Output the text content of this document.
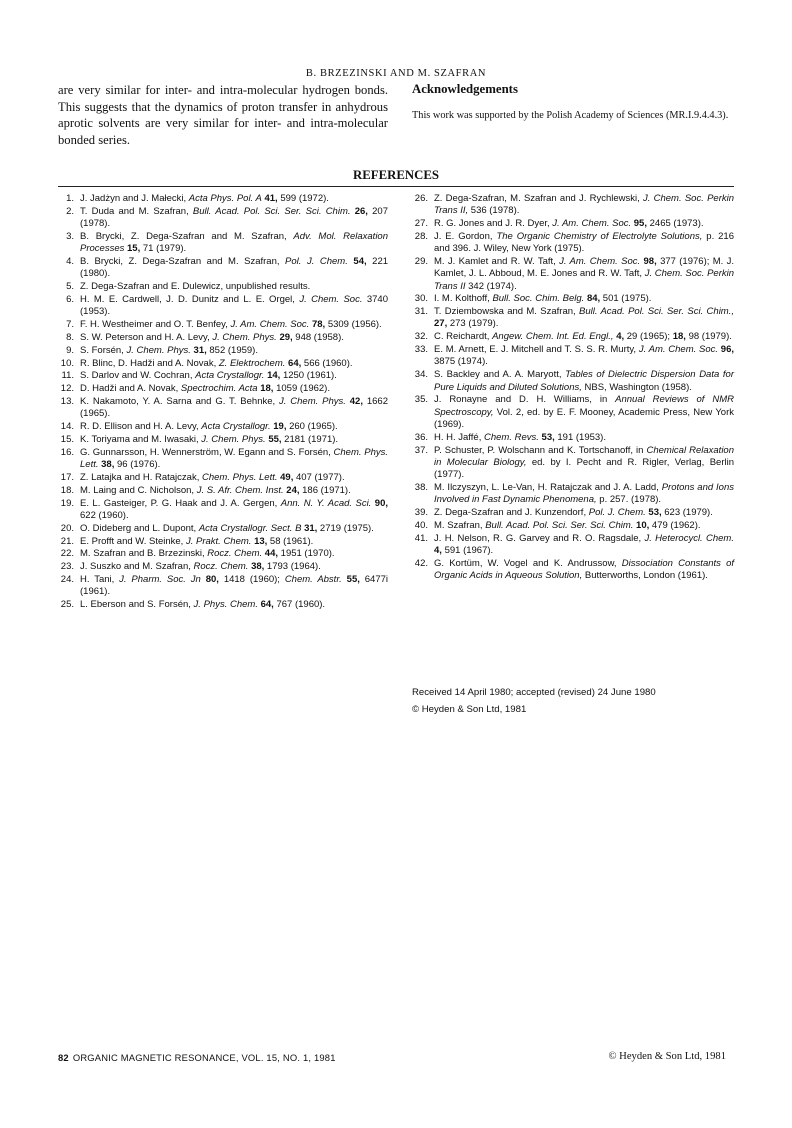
B. BRZEZINSKI AND M. SZAFRAN
are very similar for inter- and intra-molecular hydrogen bonds. This suggests that the dynamics of proton transfer in anhydrous aprotic solvents are very similar for inter- and intra-molecular bonded series.
Acknowledgements

This work was supported by the Polish Academy of Sciences (MR.I.9.4.4.3).

REFERENCES
1. J. Jadżyn and J. Małecki, Acta Phys. Pol. A 41, 599 (1972).
2. T. Duda and M. Szafran, Bull. Acad. Pol. Sci. Ser. Sci. Chim. 26, 207 (1978).
3. B. Brycki, Z. Dega-Szafran and M. Szafran, Adv. Mol. Relaxation Processes 15, 71 (1979).
4. B. Brycki, Z. Dega-Szafran and M. Szafran, Pol. J. Chem. 54, 221 (1980).
5. Z. Dega-Szafran and E. Dulewicz, unpublished results.
6. H. M. E. Cardwell, J. D. Dunitz and L. E. Orgel, J. Chem. Soc. 3740 (1953).
7. F. H. Westheimer and O. T. Benfey, J. Am. Chem. Soc. 78, 5309 (1956).
8. S. W. Peterson and H. A. Levy, J. Chem. Phys. 29, 948 (1958).
9. S. Forsén, J. Chem. Phys. 31, 852 (1959).
10. R. Blinc, D. Hadži and A. Novak, Z. Elektrochem. 64, 566 (1960).
11. S. Darlov and W. Cochran, Acta Crystallogr. 14, 1250 (1961).
12. D. Hadži and A. Novak, Spectrochim. Acta 18, 1059 (1962).
13. K. Nakamoto, Y. A. Sarna and G. T. Behnke, J. Chem. Phys. 42, 1662 (1965).
14. R. D. Ellison and H. A. Levy, Acta Crystallogr. 19, 260 (1965).
15. K. Toriyama and M. Iwasaki, J. Chem. Phys. 55, 2181 (1971).
16. G. Gunnarsson, H. Wennerström, W. Egann and S. Forsén, Chem. Phys. Lett. 38, 96 (1976).
17. Z. Latajka and H. Ratajczak, Chem. Phys. Lett. 49, 407 (1977).
18. M. Laing and C. Nicholson, J. S. Afr. Chem. Inst. 24, 186 (1971).
19. E. L. Gasteiger, P. G. Haak and J. A. Gergen, Ann. N. Y. Acad. Sci. 90, 622 (1960).
20. O. Dideberg and L. Dupont, Acta Crystallogr. Sect. B 31, 2719 (1975).
21. E. Profft and W. Steinke, J. Prakt. Chem. 13, 58 (1961).
22. M. Szafran and B. Brzezinski, Rocz. Chem. 44, 1951 (1970).
23. J. Suszko and M. Szafran, Rocz. Chem. 38, 1793 (1964).
24. H. Tani, J. Pharm. Soc. Jn 80, 1418 (1960); Chem. Abstr. 55, 6477i (1961).
25. L. Eberson and S. Forsén, J. Phys. Chem. 64, 767 (1960).
26. Z. Dega-Szafran, M. Szafran and J. Rychlewski, J. Chem. Soc. Perkin Trans II, 536 (1978).
27. R. G. Jones and J. R. Dyer, J. Am. Chem. Soc. 95, 2465 (1973).
28. J. E. Gordon, The Organic Chemistry of Electrolyte Solutions, p. 216 and 396. J. Wiley, New York (1975).
29. M. J. Kamlet and R. W. Taft, J. Am. Chem. Soc. 98, 377 (1976); M. J. Kamlet, J. L. Abboud, M. E. Jones and R. W. Taft, J. Chem. Soc. Perkin Trans II 342 (1974).
30. I. M. Kolthoff, Bull. Soc. Chim. Belg. 84, 501 (1975).
31. T. Dziembowska and M. Szafran, Bull. Acad. Pol. Sci. Ser. Sci. Chim., 27, 273 (1979).
32. C. Reichardt, Angew. Chem. Int. Ed. Engl., 4, 29 (1965); 18, 98 (1979).
33. E. M. Arnett, E. J. Mitchell and T. S. S. R. Murty, J. Am. Chem. Soc. 96, 3875 (1974).
34. S. Backley and A. A. Maryott, Tables of Dielectric Dispersion Data for Pure Liquids and Diluted Solutions, NBS, Washington (1958).
35. J. Ronayne and D. H. Williams, in Annual Reviews of NMR Spectroscopy, Vol. 2, ed. by E. F. Mooney, Academic Press, New York (1969).
36. H. H. Jaffé, Chem. Revs. 53, 191 (1953).
37. P. Schuster, P. Wolschann and K. Tortschanoff, in Chemical Relaxation in Molecular Biology, ed. by I. Pecht and R. Rigler, Verlag, Berlin (1977).
38. M. Ilczyszyn, L. Le-Van, H. Ratajczak and J. A. Ladd, Protons and Ions Involved in Fast Dynamic Phenomena, p. 257. (1978).
39. Z. Dega-Szafran and J. Kunzendorf, Pol. J. Chem. 53, 623 (1979).
40. M. Szafran, Bull. Acad. Pol. Sci. Ser. Sci. Chim. 10, 479 (1962).
41. J. H. Nelson, R. G. Garvey and R. O. Ragsdale, J. Heterocycl. Chem. 4, 591 (1967).
42. G. Kortüm, W. Vogel and K. Andrussow, Dissociation Constants of Organic Acids in Aqueous Solution, Butterworths, London (1961).
Received 14 April 1980; accepted (revised) 24 June 1980
© Heyden & Son Ltd, 1981
82 ORGANIC MAGNETIC RESONANCE, VOL. 15, NO. 1, 1981	© Heyden & Son Ltd, 1981
